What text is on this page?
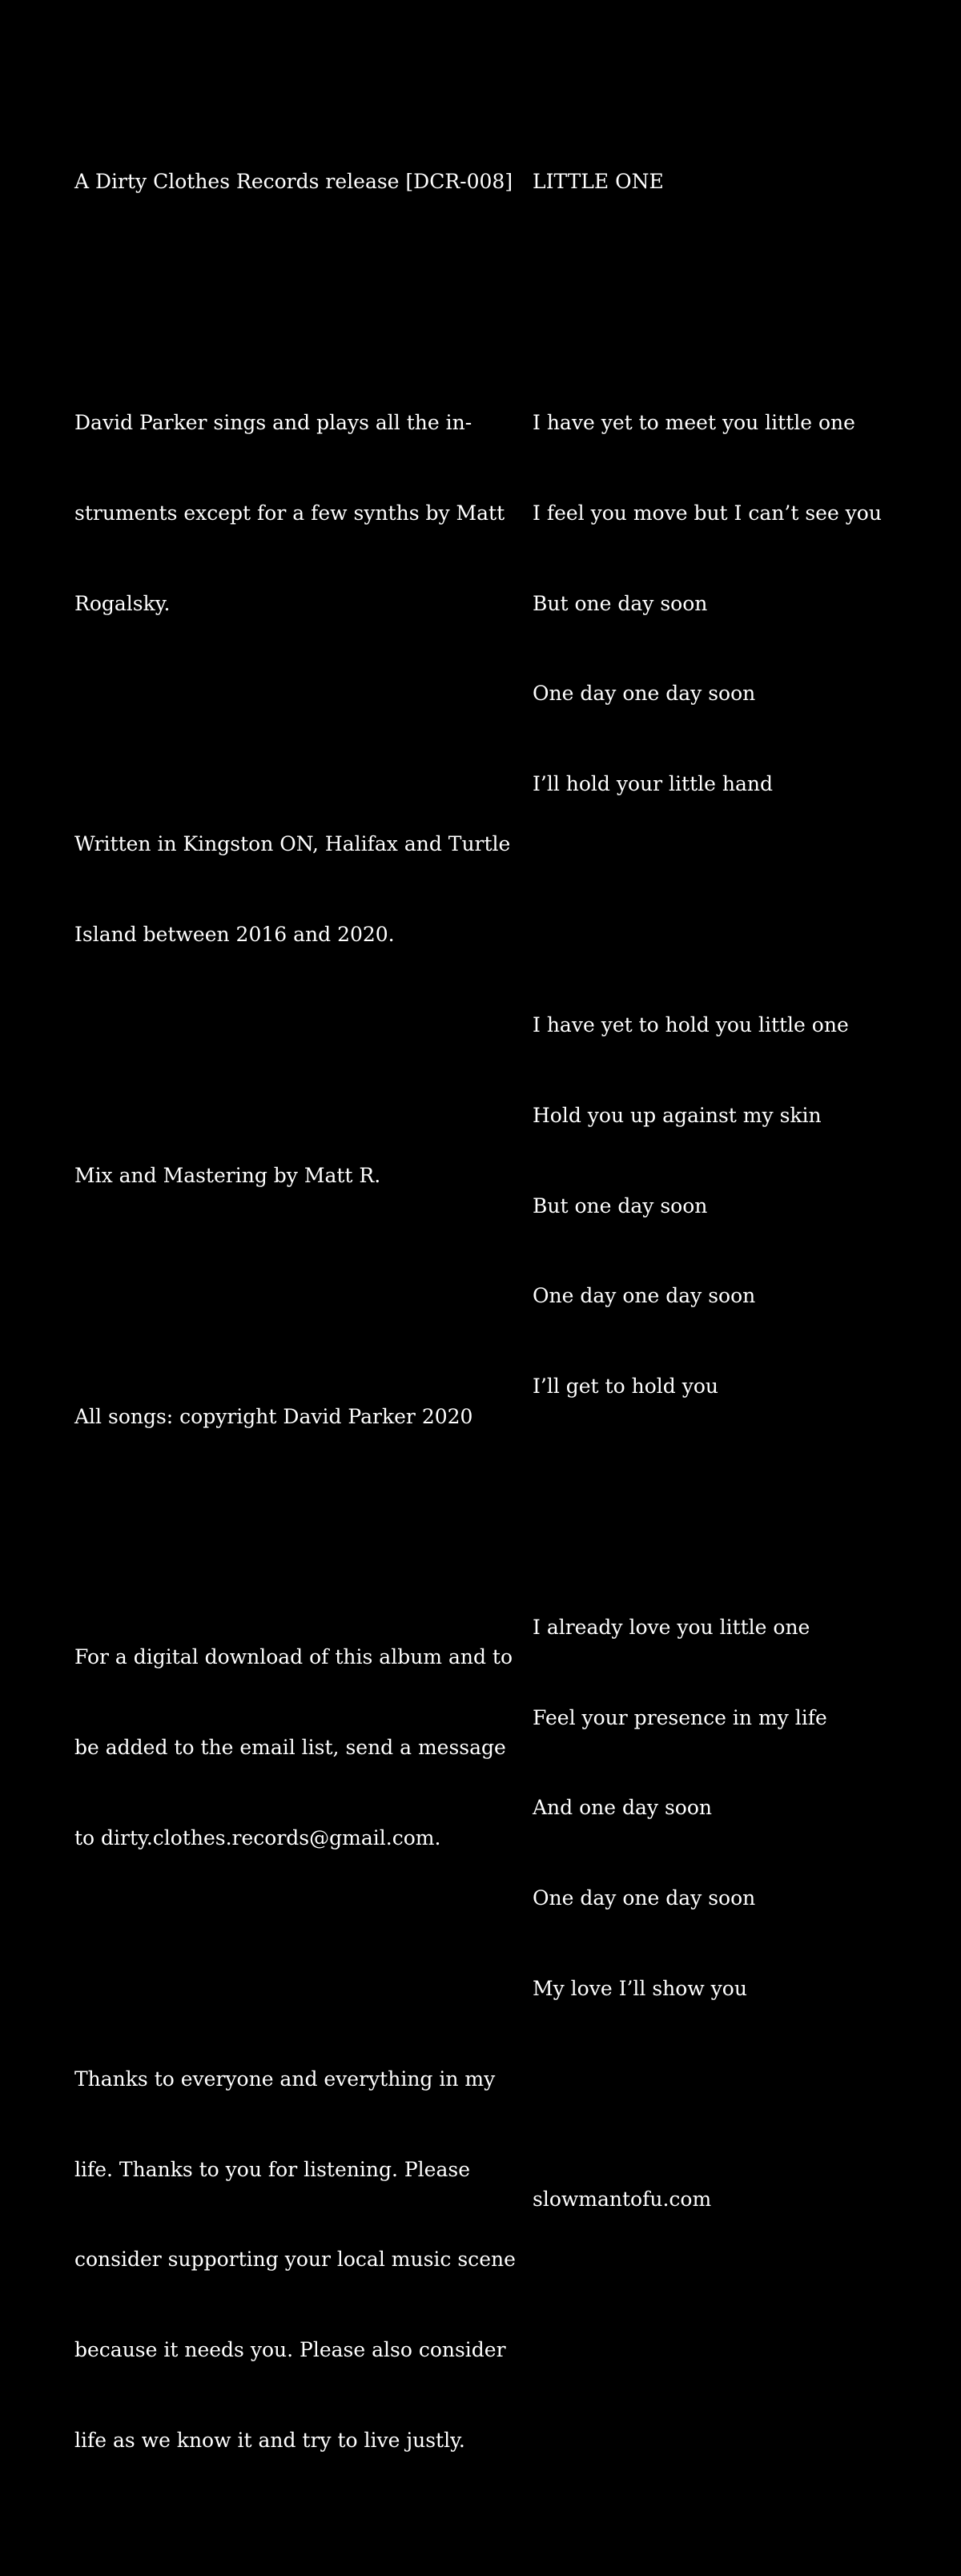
A Dirty Clothes Records release [DCR-008]

David Parker sings and plays all the in-

struments except for a few synths by Matt

Rogalsky.

Written in Kingston ON, Halifax and Turtle

Island between 2016 and 2020.

Mix and Mastering by Matt R.

All songs: copyright David Parker 2020

For a digital download of this album and to

be added to the email list, send a message

to dirty.clothes.records@gmail.com.

Thanks to everyone and everything in my

life. Thanks to you for listening. Please

consider supporting your local music scene

because it needs you. Please also consider

life as we know it and try to live justly.

LITTLE ONE

I have yet to meet you little one

I feel you move but I can’t see you

But one day soon

One day one day soon

I’ll hold your little hand

I have yet to hold you little one

Hold you up against my skin

But one day soon

One day one day soon

I’ll get to hold you

I already love you little one

Feel your presence in my life

And one day soon

One day one day soon

My love I’ll show you

slowmantofu.com
